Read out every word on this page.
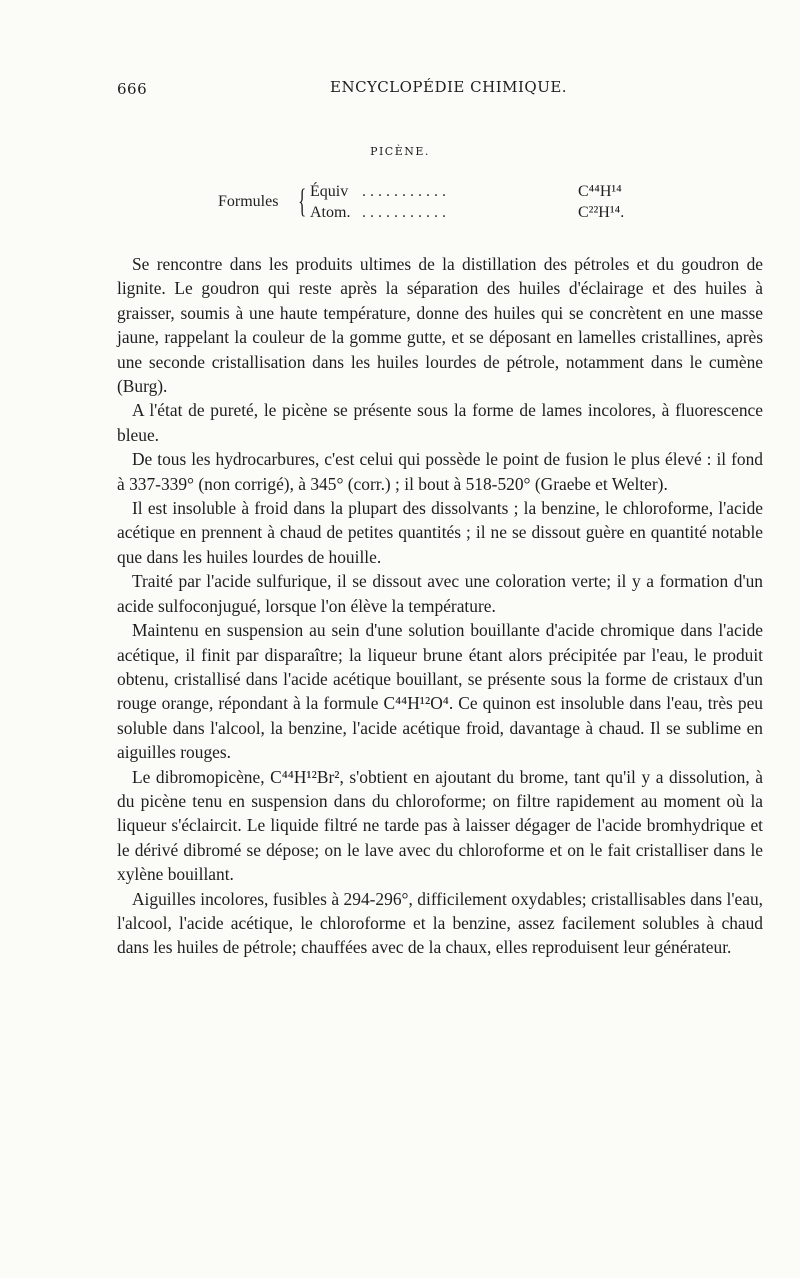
666	ENCYCLOPÉDIE CHIMIQUE.
PICÈNE.
Formules { Équiv ...........	C⁴⁴H¹⁴
Atom. ...........	C²²H¹⁴.

Se rencontre dans les produits ultimes de la distillation des pétroles et du goudron de lignite. Le goudron qui reste après la séparation des huiles d'éclairage et des huiles à graisser, soumis à une haute température, donne des huiles qui se concrètent en une masse jaune, rappelant la couleur de la gomme gutte, et se déposant en lamelles cristallines, après une seconde cristallisation dans les huiles lourdes de pétrole, notamment dans le cumène (Burg).

A l'état de pureté, le picène se présente sous la forme de lames incolores, à fluorescence bleue.

De tous les hydrocarbures, c'est celui qui possède le point de fusion le plus élevé : il fond à 337-339° (non corrigé), à 345° (corr.) ; il bout à 518-520° (Graebe et Welter).

Il est insoluble à froid dans la plupart des dissolvants ; la benzine, le chloroforme, l'acide acétique en prennent à chaud de petites quantités ; il ne se dissout guère en quantité notable que dans les huiles lourdes de houille.

Traité par l'acide sulfurique, il se dissout avec une coloration verte; il y a formation d'un acide sulfoconjugué, lorsque l'on élève la température.

Maintenu en suspension au sein d'une solution bouillante d'acide chromique dans l'acide acétique, il finit par disparaître; la liqueur brune étant alors précipitée par l'eau, le produit obtenu, cristallisé dans l'acide acétique bouillant, se présente sous la forme de cristaux d'un rouge orange, répondant à la formule C⁴⁴H¹²O⁴. Ce quinon est insoluble dans l'eau, très peu soluble dans l'alcool, la benzine, l'acide acétique froid, davantage à chaud. Il se sublime en aiguilles rouges.

Le dibromopicène, C⁴⁴H¹²Br², s'obtient en ajoutant du brome, tant qu'il y a dissolution, à du picène tenu en suspension dans du chloroforme; on filtre rapidement au moment où la liqueur s'éclaircit. Le liquide filtré ne tarde pas à laisser dégager de l'acide bromhydrique et le dérivé dibromé se dépose; on le lave avec du chloroforme et on le fait cristalliser dans le xylène bouillant.

Aiguilles incolores, fusibles à 294-296°, difficilement oxydables; cristallisables dans l'eau, l'alcool, l'acide acétique, le chloroforme et la benzine, assez facilement solubles à chaud dans les huiles de pétrole; chauffées avec de la chaux, elles reproduisent leur générateur.
